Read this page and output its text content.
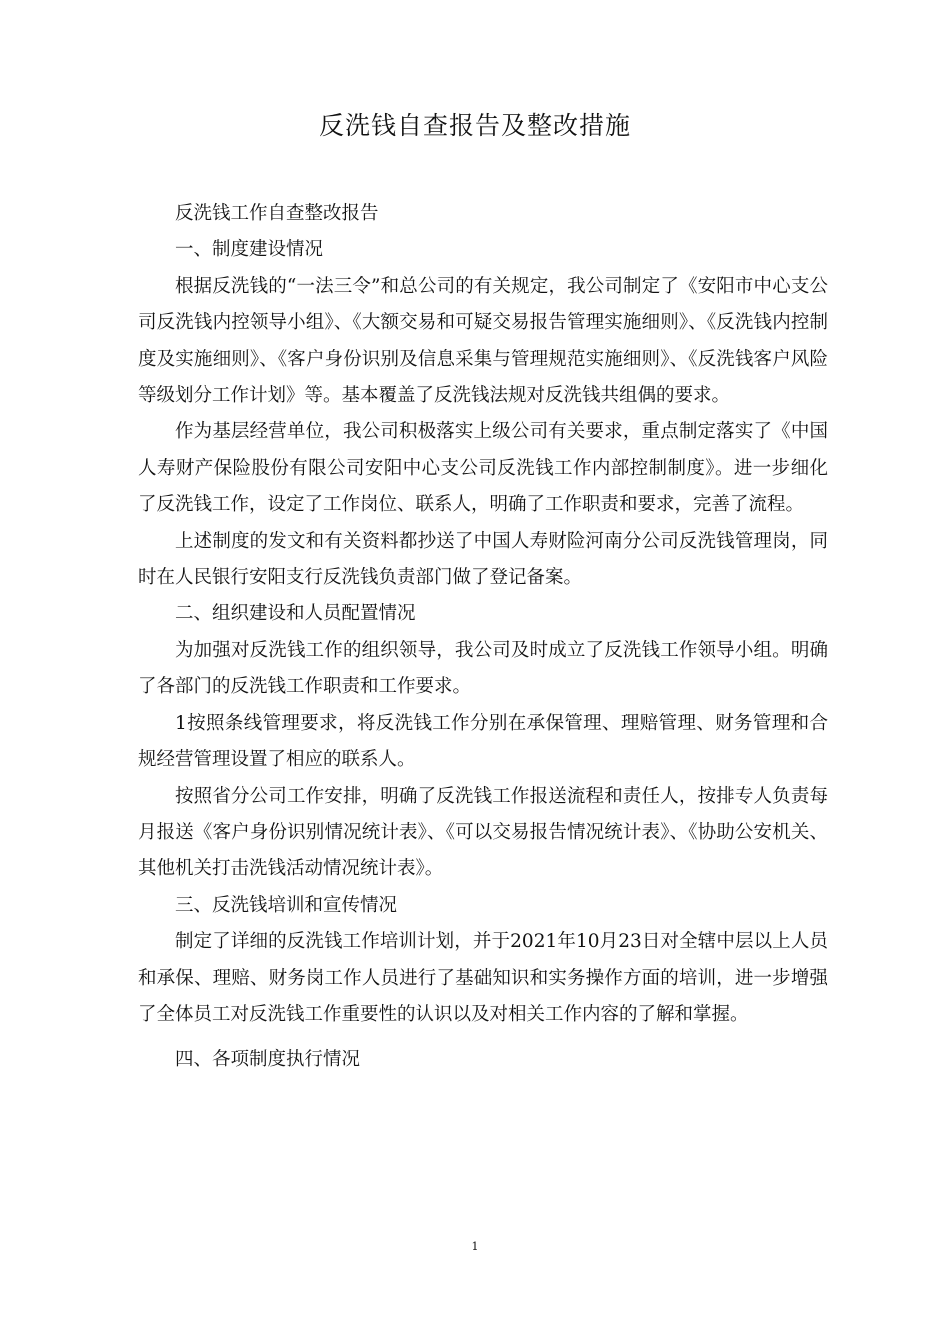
反洗钱自查报告及整改措施

反洗钱工作自查整改报告

一、制度建设情况

根据反洗钱的“一法三令”和总公司的有关规定，我公司制定了《安阳市中心支公司反洗钱内控领导小组》、《大额交易和可疑交易报告管理实施细则》、《反洗钱内控制度及实施细则》、《客户身份识别及信息采集与管理规范实施细则》、《反洗钱客户风险等级划分工作计划》等。基本覆盖了反洗钱法规对反洗钱共组偶的要求。

作为基层经营单位，我公司积极落实上级公司有关要求，重点制定落实了《中国人寿财产保险股份有限公司安阳中心支公司反洗钱工作内部控制制度》。进一步细化了反洗钱工作，设定了工作岗位、联系人，明确了工作职责和要求，完善了流程。

上述制度的发文和有关资料都抄送了中国人寿财险河南分公司反洗钱管理岗，同时在人民银行安阳支行反洗钱负责部门做了登记备案。

二、组织建设和人员配置情况

为加强对反洗钱工作的组织领导，我公司及时成立了反洗钱工作领导小组。明确了各部门的反洗钱工作职责和工作要求。

1按照条线管理要求，将反洗钱工作分别在承保管理、理赔管理、财务管理和合规经营管理设置了相应的联系人。

按照省分公司工作安排，明确了反洗钱工作报送流程和责任人，按排专人负责每月报送《客户身份识别情况统计表》、《可以交易报告情况统计表》、《协助公安机关、其他机关打击洗钱活动情况统计表》。

三、反洗钱培训和宣传情况

制定了详细的反洗钱工作培训计划，并于2021年10月23日对全辖中层以上人员和承保、理赔、财务岗工作人员进行了基础知识和实务操作方面的培训，进一步增强了全体员工对反洗钱工作重要性的认识以及对相关工作内容的了解和掌握。

四、各项制度执行情况

1
